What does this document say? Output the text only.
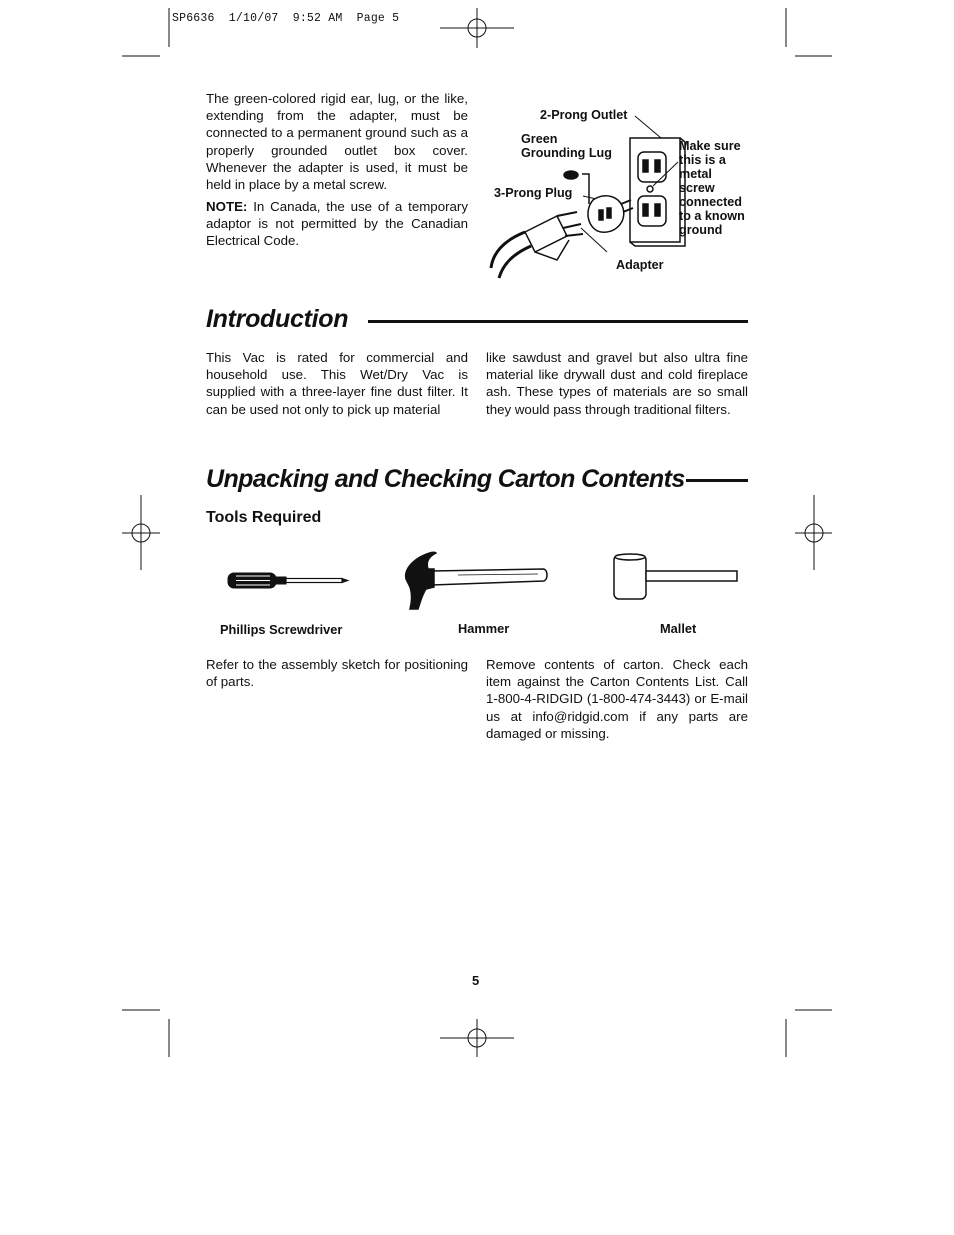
SP6636  1/10/07  9:52 AM  Page 5
The green-colored rigid ear, lug, or the like, extending from the adapter, must be connected to a permanent ground such as a properly grounded outlet box cover. Whenever the adapter is used, it must be held in place by a metal screw.
NOTE: In Canada, the use of a temporary adaptor is not permitted by the Canadian Electrical Code.
2-Prong Outlet
Green
Grounding Lug
3-Prong Plug
Adapter
Make sure
this is a
metal
screw
connected
to a known
ground
Introduction
This Vac is rated for commercial and household use. This Wet/Dry Vac is supplied with a three-layer fine dust filter. It can be used not only to pick up material
like sawdust and gravel but also ultra fine material like drywall dust and cold fireplace ash. These types of materials are so small they would pass through traditional filters.
Unpacking and Checking Carton Contents
Tools Required
Phillips Screwdriver	Hammer	Mallet
Refer to the assembly sketch for positioning of parts.
Remove contents of carton. Check each item against the Carton Contents List. Call 1-800-4-RIDGID (1-800-474-3443) or E-mail us at info@ridgid.com if any parts are damaged or missing.
5
